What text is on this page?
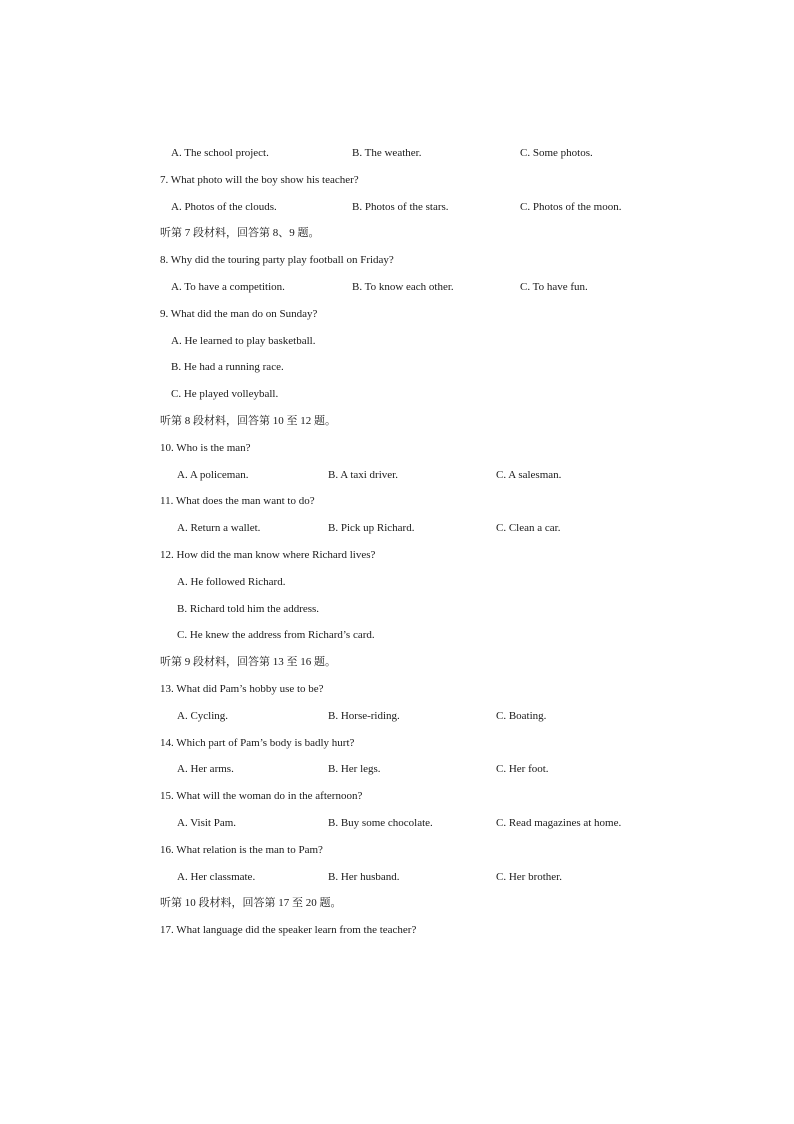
A. The school project.	B. The weather.	C. Some photos.
7. What photo will the boy show his teacher?
A. Photos of the clouds.	B. Photos of the stars.	C. Photos of the moon.
听第 7 段材料，回答第 8、9 题。
8. Why did the touring party play football on Friday?
A. To have a competition.	B. To know each other.	C. To have fun.
9. What did the man do on Sunday?
A. He learned to play basketball.
B. He had a running race.
C. He played volleyball.
听第 8 段材料，回答第 10 至 12 题。
10. Who is the man?
A. A policeman.	B. A taxi driver.	C. A salesman.
11. What does the man want to do?
A. Return a wallet.	B. Pick up Richard.	C. Clean a car.
12. How did the man know where Richard lives?
A. He followed Richard.
B. Richard told him the address.
C. He knew the address from Richard’s card.
听第 9 段材料，回答第 13 至 16 题。
13. What did Pam’s hobby use to be?
A. Cycling.	B. Horse-riding.	C. Boating.
14. Which part of Pam’s body is badly hurt?
A. Her arms.	B. Her legs.	C. Her foot.
15. What will the woman do in the afternoon?
A. Visit Pam.	B. Buy some chocolate.	C. Read magazines at home.
16. What relation is the man to Pam?
A. Her classmate.	B. Her husband.	C. Her brother.
听第 10 段材料，回答第 17 至 20 题。
17. What language did the speaker learn from the teacher?
